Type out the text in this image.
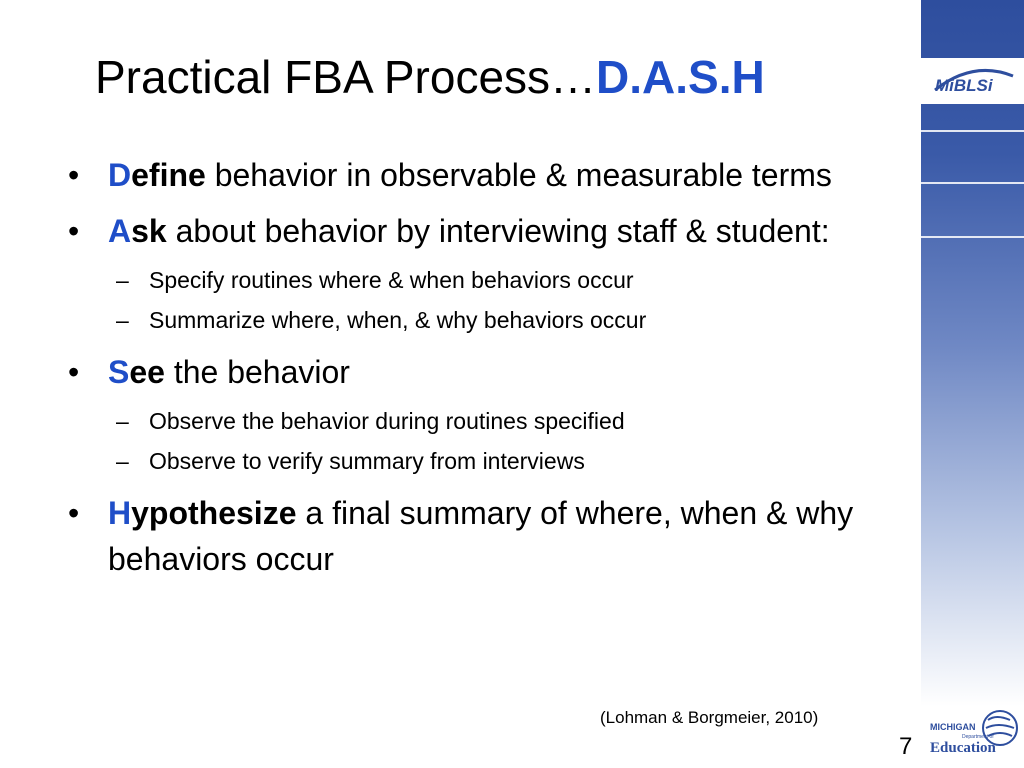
MiBLSi
Practical FBA Process…D.A.S.H
• Define behavior in observable & measurable terms
• Ask about behavior by interviewing staff & student:
– Specify routines where & when behaviors occur
– Summarize where, when, & why behaviors occur
• See the behavior
– Observe the behavior during routines specified
– Observe to verify summary from interviews
• Hypothesize a final summary of where, when & why behaviors occur
(Lohman & Borgmeier, 2010)
7
MICHIGAN
Department of
Education
